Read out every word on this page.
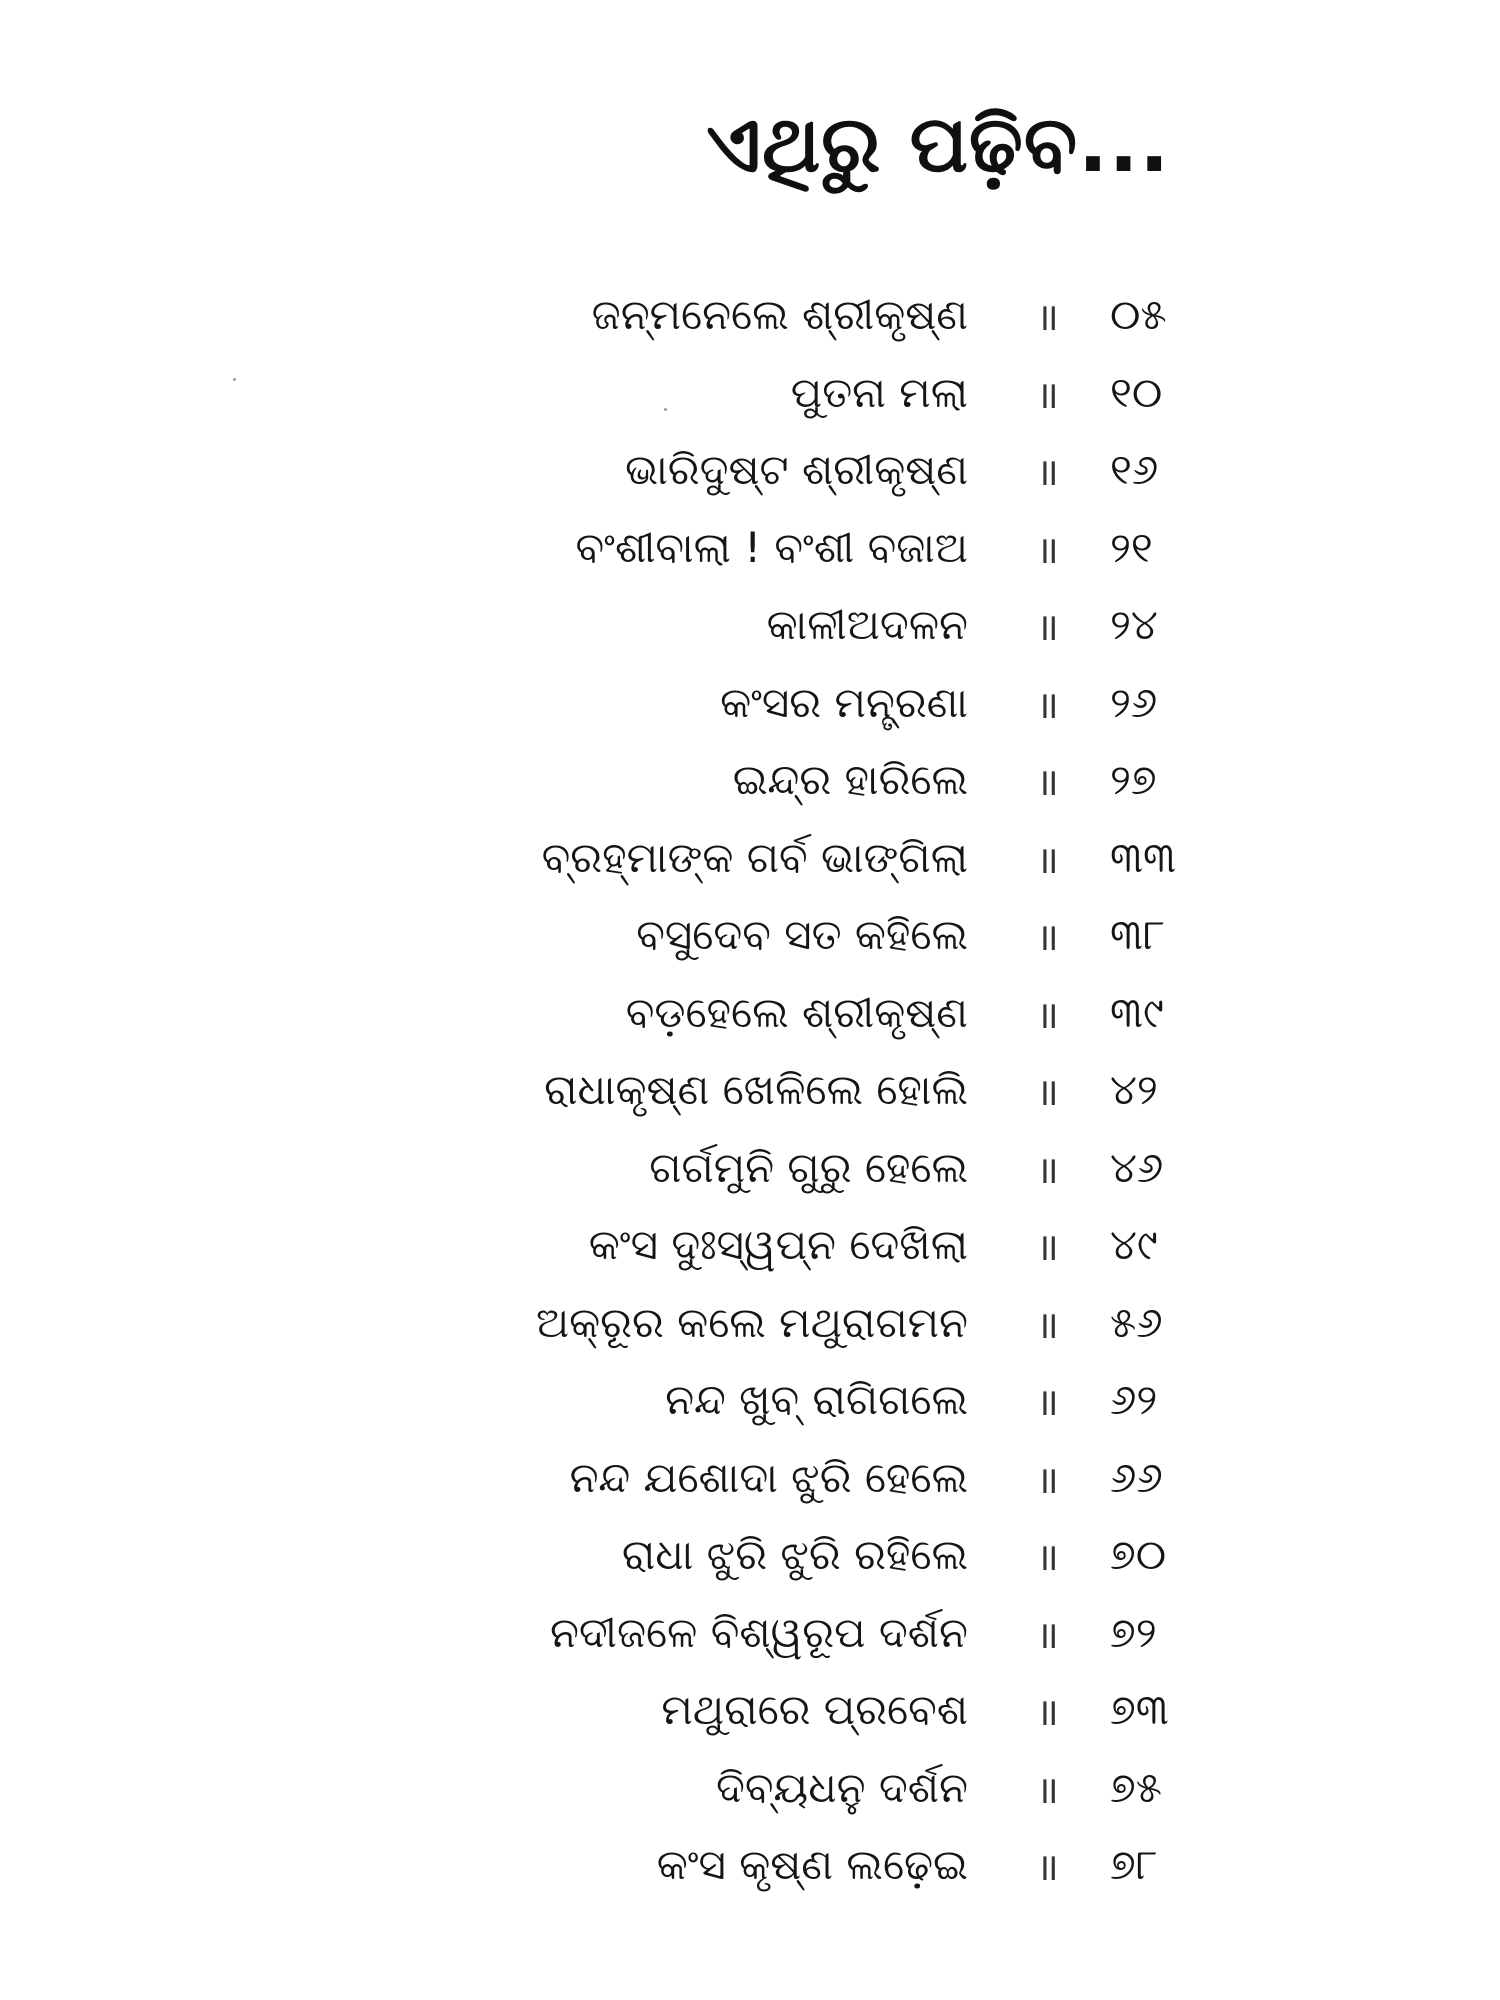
ଏଥିରୁ ପଢ଼ିବ...
ଜନ୍ମନେଲେ ଶ୍ରୀକୃଷ୍ଣ ॥ ୦୫
ପୁତନା ମଲା ॥ ୧୦
ଭାରିଦୁଷ୍ଟ ଶ୍ରୀକୃଷ୍ଣ ॥ ୧୬
ବଂଶୀବାଲା ! ବଂଶୀ ବଜାଅ ॥ ୨୧
କାଳୀଅଦଳନ ॥ ୨୪
କଂସର ମନ୍ତ୍ରଣା ॥ ୨୬
ଇନ୍ଦ୍ର ହାରିଲେ ॥ ୨୭
ବ୍ରହ୍ମାଙ୍କ ଗର୍ବ ଭାଙ୍ଗିଲା ॥ ୩୩
ବସୁଦେବ ସତ କହିଲେ ॥ ୩୮
ବଡ଼ହେଲେ ଶ୍ରୀକୃଷ୍ଣ ॥ ୩୯
ରାଧାକୃଷ୍ଣ ଖେଳିଲେ ହୋଲି ॥ ୪୨
ଗର୍ଗମୁନି ଗୁରୁ ହେଲେ ॥ ୪୬
କଂସ ଦୁଃସ୍ୱପ୍ନ ଦେଖିଲା ॥ ୪୯
ଅକ୍ରୂର କଲେ ମଥୁରାଗମନ ॥ ୫୬
ନନ୍ଦ ଖୁବ୍ ରାଗିଗଲେ ॥ ୬୨
ନନ୍ଦ ଯଶୋଦା ଝୁରି ହେଲେ ॥ ୬୬
ରାଧା ଝୁରି ଝୁରି ରହିଲେ ॥ ୭୦
ନଦୀଜଳେ ବିଶ୍ୱରୂପ ଦର୍ଶନ ॥ ୭୨
ମଥୁରାରେ ପ୍ରବେଶ ॥ ୭୩
ଦିବ୍ୟଧନୁ ଦର୍ଶନ ॥ ୭୫
କଂସ କୃଷ୍ଣ ଲଢ଼େଇ ॥ ୭୮
